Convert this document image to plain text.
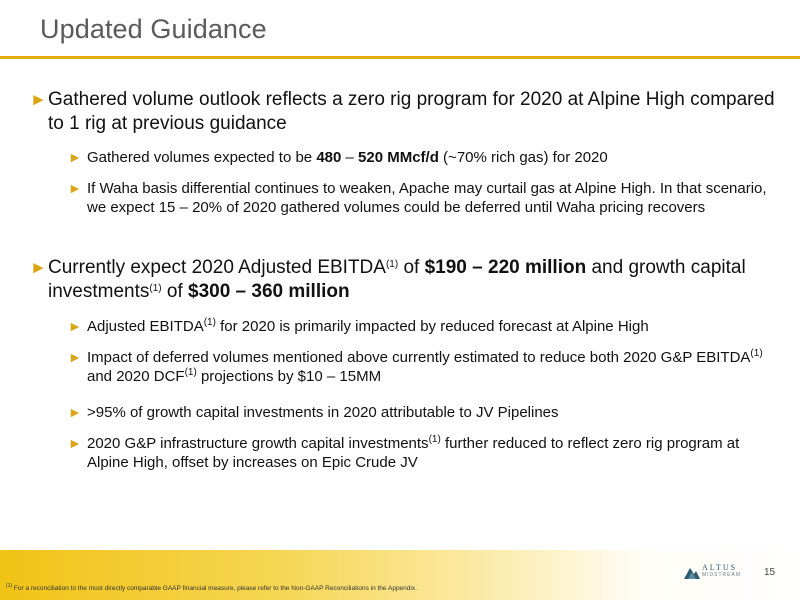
Updated Guidance
► Gathered volume outlook reflects a zero rig program for 2020 at Alpine High compared to 1 rig at previous guidance
► Gathered volumes expected to be 480 – 520 MMcf/d (~70% rich gas) for 2020
► If Waha basis differential continues to weaken, Apache may curtail gas at Alpine High. In that scenario, we expect 15 – 20% of 2020 gathered volumes could be deferred until Waha pricing recovers
► Currently expect 2020 Adjusted EBITDA$^{(1)}$ of $190 – 220 million and growth capital investments$^{(1)}$ of $300 – 360 million
► Adjusted EBITDA$^{(1)}$ for 2020 is primarily impacted by reduced forecast at Alpine High
► Impact of deferred volumes mentioned above currently estimated to reduce both 2020 G&P EBITDA$^{(1)}$ and 2020 DCF$^{(1)}$ projections by $10 – 15MM
► >95% of growth capital investments in 2020 attributable to JV Pipelines
► 2020 G&P infrastructure growth capital investments$^{(1)}$ further reduced to reflect zero rig program at Alpine High, offset by increases on Epic Crude JV
$^{(1)}$ For a reconciliation to the most directly comparable GAAP financial measure, please refer to the Non-GAAP Reconciliations in the Appendix.
ALTUS
MIDSTREAM 15
